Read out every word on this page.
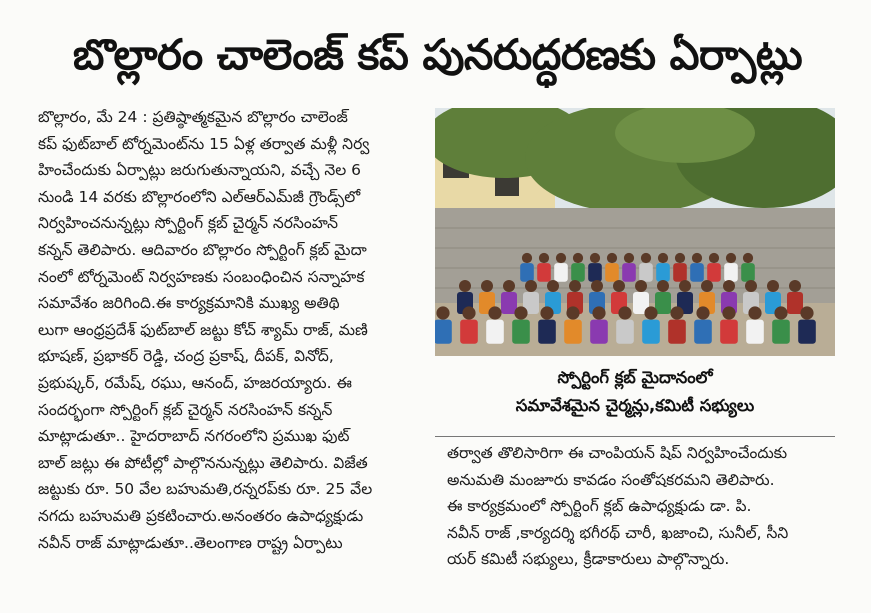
బొల్లారం చాలెంజ్ కప్ పునరుద్ధరణకు ఏర్పాట్లు
బొల్లారం, మే 24 : ప్రతిష్ఠాత్మకమైన బొల్లారం చాలెంజ్
కప్ ఫుట్‌బాల్ టోర్నమెంట్‌ను 15 ఏళ్ల తర్వాత మళ్లీ నిర్వ
హించేందుకు ఏర్పాట్లు జరుగుతున్నాయని, వచ్చే నెల 6
నుండి 14 వరకు బొల్లారంలోని ఎల్ఆర్ఎమ్‌జీ గ్రౌండ్స్‌లో
నిర్వహించనున్నట్లు స్పోర్టింగ్ క్లబ్ చైర్మన్ నరసింహన్
కన్నన్ తెలిపారు. ఆదివారం బొల్లారం స్పోర్టింగ్ క్లబ్ మైదా
నంలో టోర్నమెంట్ నిర్వహణకు సంబంధించిన సన్నాహక
సమావేశం జరిగింది.ఈ కార్యక్రమానికి ముఖ్య అతిథి
లుగా ఆంధ్రప్రదేశ్ ఫుట్‌బాల్ జట్టు కోచ్ శ్యామ్ రాజ్, మణి
భూషణ్, ప్రభాకర్ రెడ్డి, చంద్ర ప్రకాష్, దీపక్, వినోద్,
ప్రభుష్కర్, రమేష్, రఘు, ఆనంద్, హజరయ్యారు. ఈ
సందర్భంగా స్పోర్టింగ్ క్లబ్ చైర్మన్ నరసింహన్ కన్నన్
మాట్లాడుతూ.. హైదరాబాద్ నగరంలోని ప్రముఖ ఫుట్
బాల్ జట్లు ఈ పోటీల్లో పాల్గొననున్నట్లు తెలిపారు. విజేత
జట్టుకు రూ. 50 వేల బహుమతి,రన్నరప్‌కు రూ. 25 వేల
నగదు బహుమతి ప్రకటించారు.అనంతరం ఉపాధ్యక్షుడు
నవీన్ రాజ్ మాట్లాడుతూ..తెలంగాణ రాష్ట్ర ఏర్పాటు
స్పోర్టింగ్ క్లబ్ మైదానంలో
సమావేశమైన చైర్మన్లు,కమిటీ సభ్యులు
తర్వాత తొలిసారిగా ఈ చాంపియన్ షిప్ నిర్వహించేందుకు
అనుమతి మంజూరు కావడం సంతోషకరమని తెలిపారు.
ఈ కార్యక్రమంలో స్పోర్టింగ్ క్లబ్ ఉపాధ్యక్షుడు డా. పి.
నవీన్ రాజ్ ,కార్యదర్శి భగీరథ్ చారీ, ఖజాంచి, సునీల్, సీని
యర్ కమిటీ సభ్యులు, క్రీడాకారులు పాల్గొన్నారు.
